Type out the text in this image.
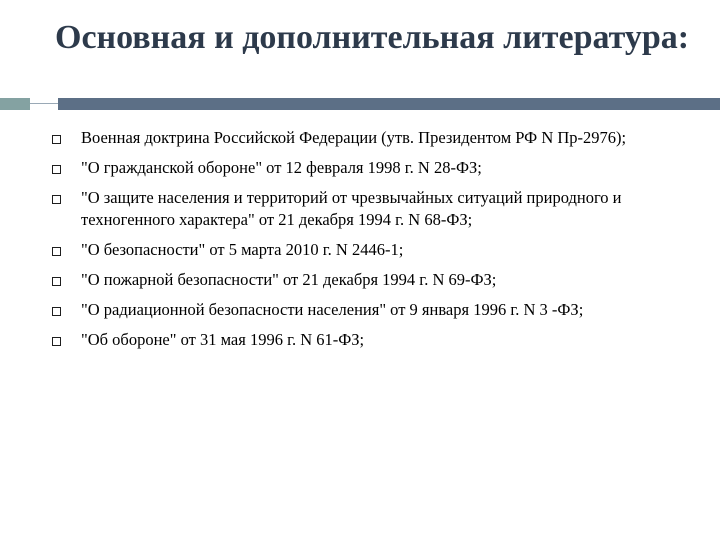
Основная и дополнительная литература:
Военная доктрина Российской Федерации (утв. Президентом РФ N Пр-2976);
"О гражданской обороне" от 12 февраля 1998 г. N 28-ФЗ;
"О защите населения и территорий от чрезвычайных ситуаций природного и техногенного характера" от 21 декабря 1994 г. N 68-ФЗ;
"О безопасности" от 5 марта 2010 г. N 2446-1;
"О пожарной безопасности" от 21 декабря 1994 г. N 69-ФЗ;
"О радиационной безопасности населения" от 9 января 1996 г. N 3 -ФЗ;
"Об обороне" от 31 мая 1996 г. N 61-ФЗ;
